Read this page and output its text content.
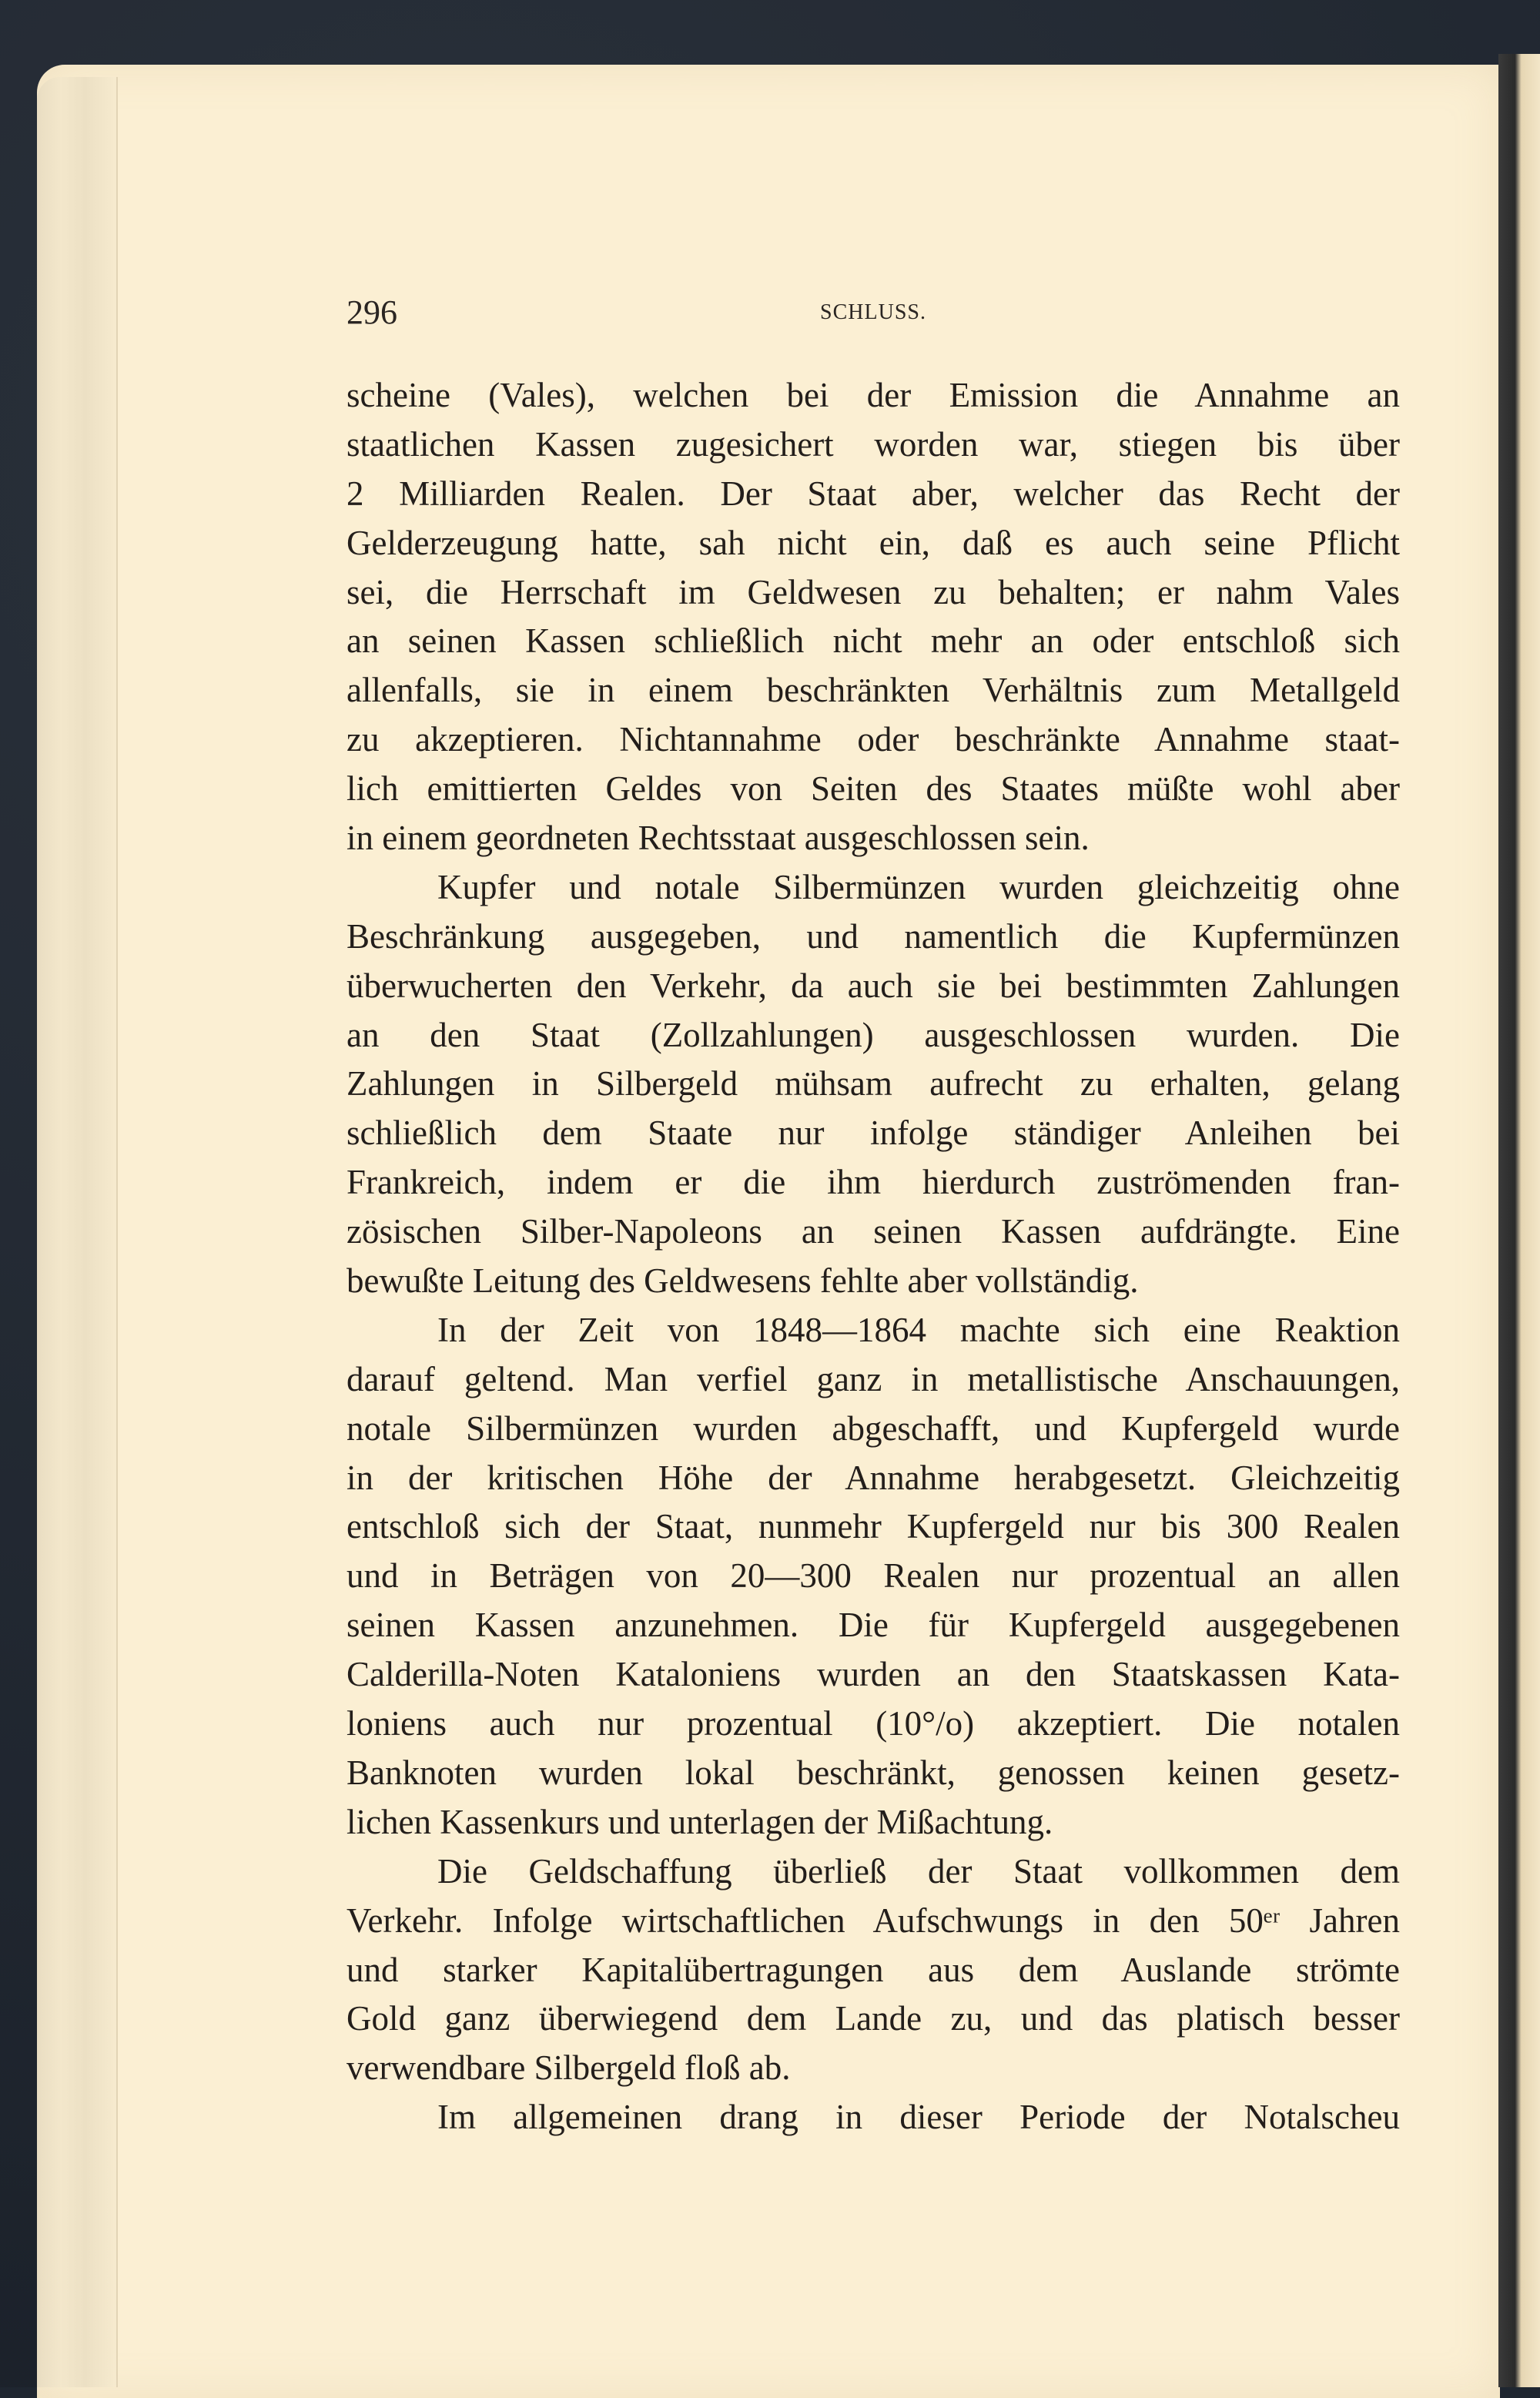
296	SCHLUSS.
scheine (Vales), welchen bei der Emission die Annahme an
staatlichen Kassen zugesichert worden war, stiegen bis über
2 Milliarden Realen. Der Staat aber, welcher das Recht der
Gelderzeugung hatte, sah nicht ein, daß es auch seine Pflicht
sei, die Herrschaft im Geldwesen zu behalten; er nahm Vales
an seinen Kassen schließlich nicht mehr an oder entschloß sich
allenfalls, sie in einem beschränkten Verhältnis zum Metallgeld
zu akzeptieren. Nichtannahme oder beschränkte Annahme staat-
lich emittierten Geldes von Seiten des Staates müßte wohl aber
in einem geordneten Rechtsstaat ausgeschlossen sein.
Kupfer und notale Silbermünzen wurden gleichzeitig ohne
Beschränkung ausgegeben, und namentlich die Kupfermünzen
überwucherten den Verkehr, da auch sie bei bestimmten Zahlungen
an den Staat (Zollzahlungen) ausgeschlossen wurden. Die
Zahlungen in Silbergeld mühsam aufrecht zu erhalten, gelang
schließlich dem Staate nur infolge ständiger Anleihen bei
Frankreich, indem er die ihm hierdurch zuströmenden fran-
zösischen Silber-Napoleons an seinen Kassen aufdrängte. Eine
bewußte Leitung des Geldwesens fehlte aber vollständig.
In der Zeit von 1848—1864 machte sich eine Reaktion
darauf geltend. Man verfiel ganz in metallistische Anschauungen,
notale Silbermünzen wurden abgeschafft, und Kupfergeld wurde
in der kritischen Höhe der Annahme herabgesetzt. Gleichzeitig
entschloß sich der Staat, nunmehr Kupfergeld nur bis 300 Realen
und in Beträgen von 20—300 Realen nur prozentual an allen
seinen Kassen anzunehmen. Die für Kupfergeld ausgegebenen
Calderilla-Noten Kataloniens wurden an den Staatskassen Kata-
loniens auch nur prozentual (10°/o) akzeptiert. Die notalen
Banknoten wurden lokal beschränkt, genossen keinen gesetz-
lichen Kassenkurs und unterlagen der Mißachtung.
Die Geldschaffung überließ der Staat vollkommen dem
Verkehr. Infolge wirtschaftlichen Aufschwungs in den 50ᵉʳ Jahren
und starker Kapitalübertragungen aus dem Auslande strömte
Gold ganz überwiegend dem Lande zu, und das platisch besser
verwendbare Silbergeld floß ab.
Im allgemeinen drang in dieser Periode der Notalscheu
